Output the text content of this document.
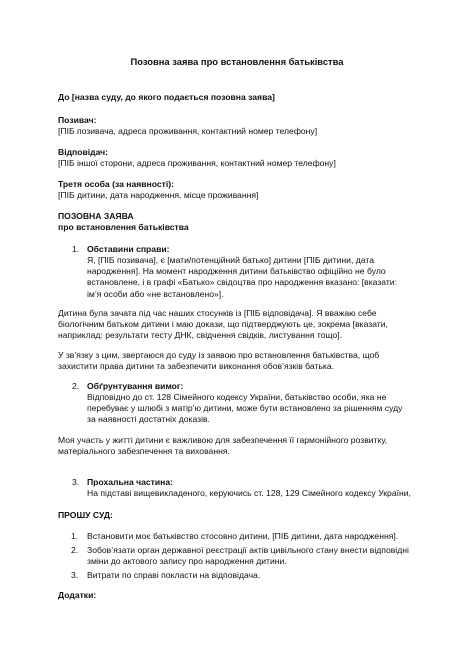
Позовна заява про встановлення батьківства
До [назва суду, до якого подається позовна заява]
Позивач:
[ПІБ позивача, адреса проживання, контактний номер телефону]
Відповідач:
[ПІБ іншої сторони, адреса проживання, контактний номер телефону]
Третя особа (за наявності):
[ПІБ дитини, дата народження, місце проживання]
ПОЗОВНА ЗАЯВА
про встановлення батьківства
1. Обставини справи:

Я, [ПІБ позивача], є [мати/потенційний батько] дитини [ПІБ дитини, дата

народження]. На момент народження дитини батьківство офіційно не було

встановлене, і в графі «Батько» свідоцтва про народження вказано: [вказати:

ім’я особи або «не встановлено»].

Дитина була зачата під час наших стосунків із [ПІБ відповідача]. Я вважаю себе

біологічним батьком дитини і маю докази, що підтверджують це, зокрема [вказати,

наприклад: результати тесту ДНК, свідчення свідків, листування тощо].

У зв’язку з цим, звертаюся до суду із заявою про встановлення батьківства, щоб

захистити права дитини та забезпечити виконання обов’язків батька.

2. Обґрунтування вимог:

Відповідно до ст. 128 Сімейного кодексу України, батьківство особи, яка не

перебуває у шлюбі з матір’ю дитини, може бути встановлено за рішенням суду

за наявності достатніх доказів.

Моя участь у житті дитини є важливою для забезпечення її гармонійного розвитку,

матеріального забезпечення та виховання.

3. Прохальна частина:

На підставі вищевикладеного, керуючись ст. 128, 129 Сімейного кодексу України,

ПРОШУ СУД:
1. Встановити моє батьківство стосовно дитини, [ПІБ дитини, дата народження].

2. Зобов’язати орган державної реєстрації актів цивільного стану внести відповідні

зміни до актового запису про народження дитини.

3. Витрати по справі покласти на відповідача.

Додатки:
